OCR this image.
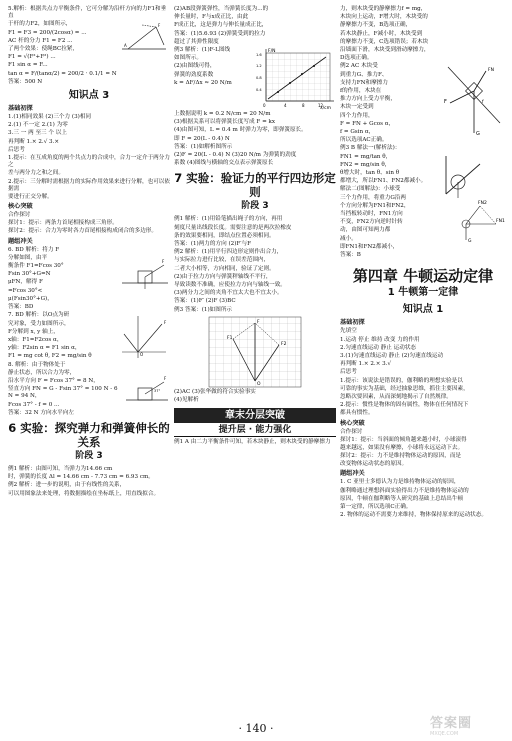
5.解析：根据共点力平衡条件，它可分解为沿杆方向的力F1和垂直

于杆的力F2，如图所示，

F1 = F3 = 200/(2cosα) = ...

AC 杆的分力 F1 = F2 ...

了两个效果：使绳BC拉紧，

F
A

F1 = √(F²+F²) ...

F1 sin α = F...

tan α = F/(tanα/2) = 200/2 · 0.1/1 = N

答案：500 N

知识点 3
基础初探

1.(1)相同效果 (2)三个力 (3)相同

2.(1) 不一定 2.(1) 为零

3.三 一 两 至三 个 以上

再判断 1.× 2.√ 3.×

后思考

1.提示：在互成角度的两个共点力的合成中，合力一定介于两分力之

差与两分力之和之间。

2.提示：三分解时需根据力的实际作用效果来进行分解，也可以依据需

要进行正交分解。

核心突破
合作探讨

探讨1：提示：两条力首尾相接构成三角形。

探讨2：提示：合力为零时各力首尾相接构成闭合的多边形。

题组冲关

6. BD 解析：将力 F

分解如图，由平

衡条件 F1=Fcos 30°

Fsin 30°+G=N

μFN，解得 F

=Fcos 30°<

μ(Fsin30°+G)，

答案：BD

F

7. BD 解析：以O点为研

究对象，受力如图所示，

F分解到 x, y 轴上，

x轴：F1=F2cos α，

y轴：F2sin α = F1 sin α，

F1 = mg cot θ, F2 = mg/sin θ

F
O

8. 解析：由于物体处于

静止状态，所以合力为零，

沿水平方向 F = Fcos 37° = 8 N，

竖直方向 FN = G - Fsin 37° = 100 N - 6 N = 94 N，

Fcos 37° - f = 0 ...

F
37°

答案：32 N 方向水平向左

6 实验：探究弹力和弹簧伸长的关系
阶段 3

例1 解析：由图可知，当弹力为14.66 cm

时，弹簧的长度 Δl = 14.66 cm - 7.73 cm = 6.93 cm。

例2 解析：进一步的说明，由于有线性的关系，

可以用图象法来处理，将数据描绘在坐标纸上，用直线拟合。

(2)AB段弹簧弹性，当弹簧长度为...的

伸长量时，F与x成正比，由此

F成正比，这是弹力与伸长量成正比，

答案：(1)5.6.93 (2)弹簧受到的拉力

超过了其弹性限度

例3 解析：(1)F-L图线

如图所示。

(2)由图线可得，

弹簧的劲度系数

k = ΔF/Δx ≈ 20 N/m

F/N
x/cm
0	4	8	12
0.4
0.8
1.2
1.6

上数据说明 k = 0.2 N/cm = 20 N/m

(3)根据关系可以将弹簧长度写成 F = kx

(4)由图可知，L = 0.4 m 时弹力为零，即弹簧原长。

即 F = 20(L - 0.4) N

答案：(1)如解析图所示

(2)F = 20(L - 0.4) N (3)20 N/m 为弹簧的劲度

系数 (4)图线与横轴的交点表示弹簧原长

7 实验：验证力的平行四边形定则
阶段 3

例1 解析：(1)用铅笔描出绳子的方向，再用

刻度尺量出线段长度。需要注意的是两次拉橡皮

条的效果要相同，即结点位置必须相同。

答案：(1)两力的方向 (2)F′与F

例2 解析：(1)用平行四边形定则作出合力，

与实际拉力进行比较，在误差范围内，

二者大小相等，方向相同，验证了定则。

(2)由于拉力方向与弹簧秤轴线不平行，

导致读数不准确，应使拉力方向与轴线一致。

(3)两分力之间的夹角不宜太大也不宜太小。

答案：(1)F′ (2)F (3)BC

例3 答案：(1)如图所示

F
F1
F2
O

(2)AC (3)张华做的符合实验事实

(4)见解析

章末分层突破
提升层 · 能力强化

例1 A 由二力平衡条件可知，若木块静止，则木块受的静摩擦力

力，则木块受的静摩擦力f = mg，

木块向上运动，F增大时，木块受的

静摩擦力不变，B选项正确，

若木块静止，F减小时，木块受到

的摩擦力不变，C选项错误；若木块

沿墙面下滑，木块受到滑动摩擦力，

D选项正确。

例2 AC 木块受

到重力G、推力F、

支持力FN和摩擦力

f的作用，木块在

推力方向上受力平衡，

木块一定受到

四个力作用，

F = FN + Gcos α，

f = Gsin α，

所以选项AC正确。

G
F
FN
f

例3 B 解法一(解析法)：

FN1 = mg/tan θ，

FN2 = mg/sin θ，

θ增大时，tan θ、sin θ

都增大，所以FN1、FN2都减小。

解法二(图解法)：小球受

三个力作用，将重力G沿两

个方向分解为FN1和FN2，

当挡板转动时，FN1方向

不变，FN2方向逆时针转

动，由图可知两力都

减小。

即FN1和FN2都减小，

答案：B

FN1
FN2
G
第四章 牛顿运动定律
1 牛顿第一定律
知识点 1
基础初探

先填空

1.运动 停止 维持 改变 力的作用

2.匀速直线运动 静止 运动状态

3.(1)匀速直线运动 静止 (2)匀速直线运动

再判断 1.× 2.× 3.√

后思考

1.提示：该说法是错误的，伽利略的理想实验是以

可靠的事实为基础，经过抽象思维，抓住主要因素，

忽略次要因素，从而深刻地揭示了自然规律。

2.提示：惯性是物体的固有属性，物体在任何情况下

都具有惯性。

核心突破
合作探讨

探讨1：提示：当斜面的倾角越来越小时，小球滚得

越来越远，如果没有摩擦，小球将永远运动下去。

探讨2：提示：力不是维持物体运动的原因，而是

改变物体运动状态的原因。

题组冲关

1. C 亚里士多德认为力是维持物体运动的原因，

伽利略通过理想斜面实验得出力不是维持物体运动的

原因，牛顿在伽利略等人研究的基础上总结出牛顿

第一定律，所以选项C正确。

2. 物体的运动不需要力来维持，物体保持原来的运动状态。

· 140 ·	答案圈
MXQE.COM
